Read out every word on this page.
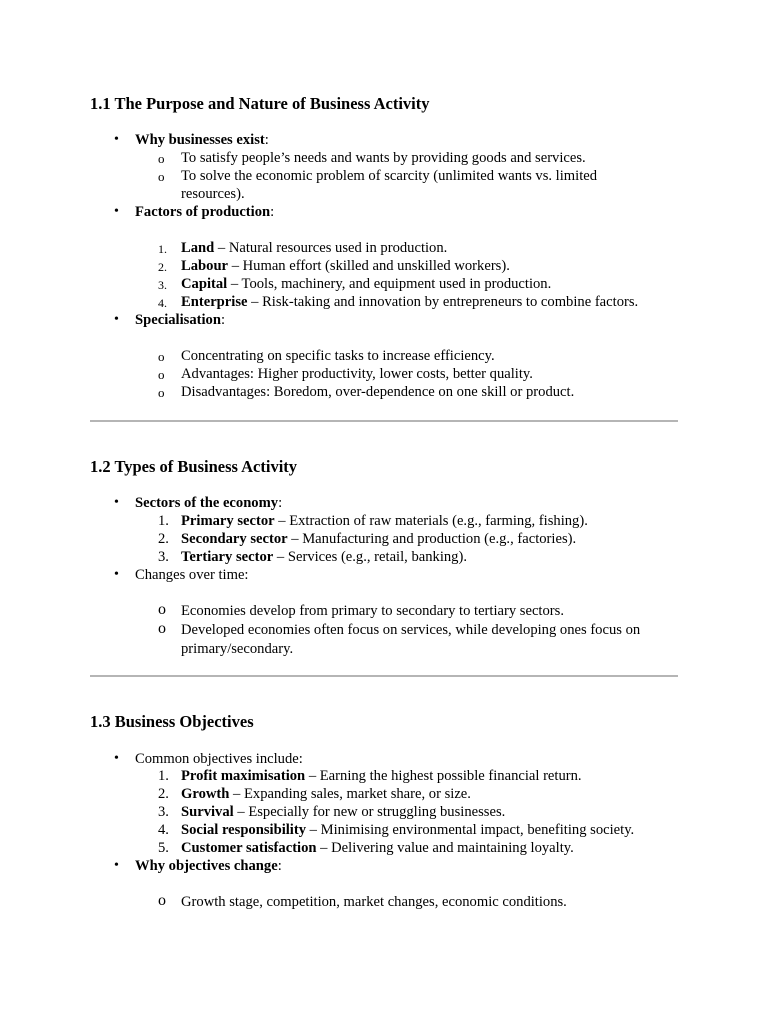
1.1 The Purpose and Nature of Business Activity
• Why businesses exist:
o To satisfy people’s needs and wants by providing goods and services.
o To solve the economic problem of scarcity (unlimited wants vs. limited
resources).
• Factors of production:
1. Land – Natural resources used in production.
2. Labour – Human effort (skilled and unskilled workers).
3. Capital – Tools, machinery, and equipment used in production.
4. Enterprise – Risk-taking and innovation by entrepreneurs to combine factors.
• Specialisation:
o Concentrating on specific tasks to increase efficiency.
o Advantages: Higher productivity, lower costs, better quality.
o Disadvantages: Boredom, over-dependence on one skill or product.
1.2 Types of Business Activity
• Sectors of the economy:
1. Primary sector – Extraction of raw materials (e.g., farming, fishing).
2. Secondary sector – Manufacturing and production (e.g., factories).
3. Tertiary sector – Services (e.g., retail, banking).
• Changes over time:
o Economies develop from primary to secondary to tertiary sectors.
o Developed economies often focus on services, while developing ones focus on
primary/secondary.
1.3 Business Objectives
• Common objectives include:
1. Profit maximisation – Earning the highest possible financial return.
2. Growth – Expanding sales, market share, or size.
3. Survival – Especially for new or struggling businesses.
4. Social responsibility – Minimising environmental impact, benefiting society.
5. Customer satisfaction – Delivering value and maintaining loyalty.
• Why objectives change:
o Growth stage, competition, market changes, economic conditions.
